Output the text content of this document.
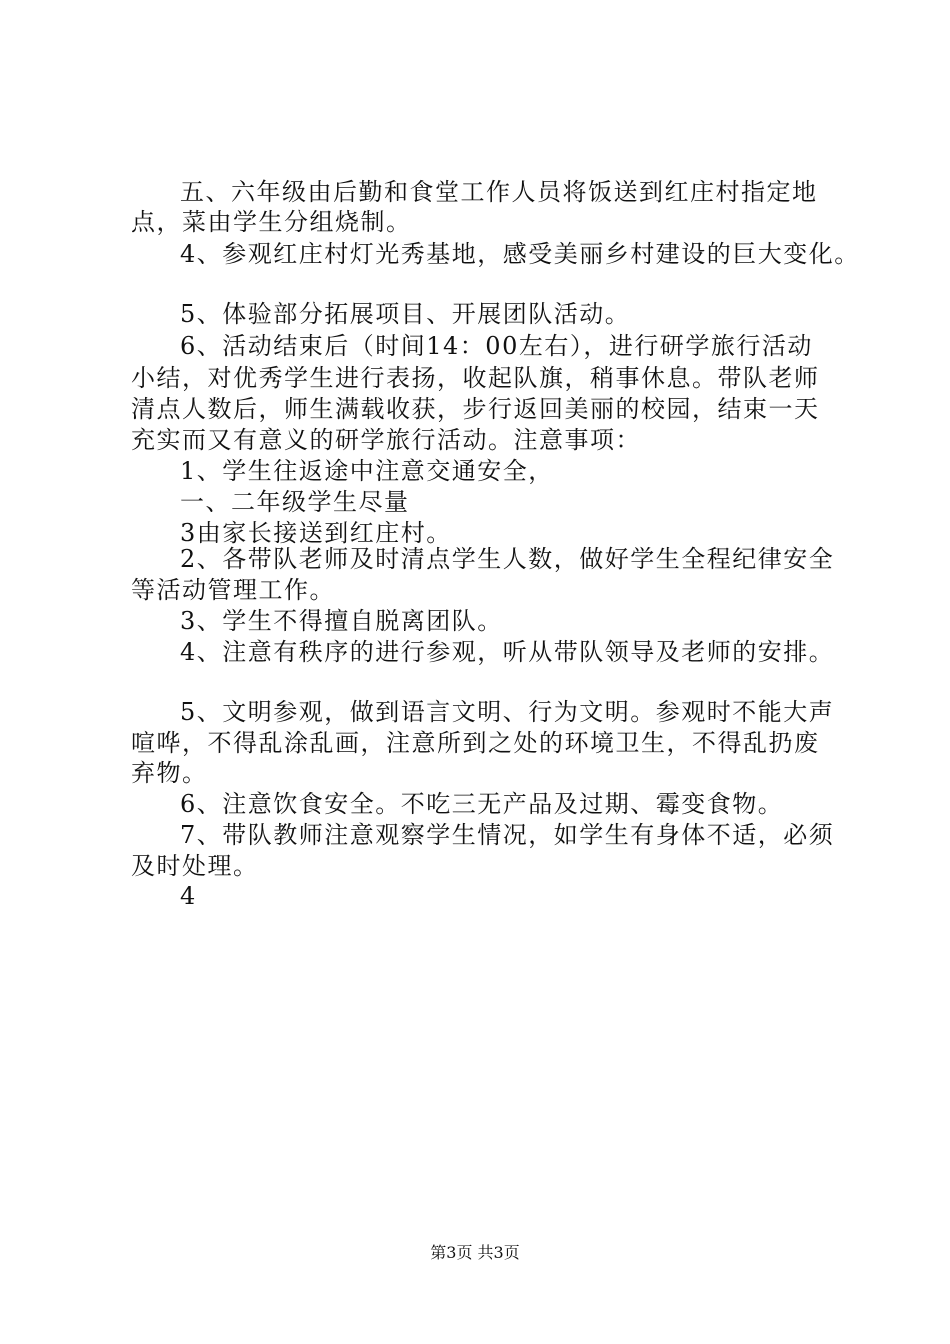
五、六年级由后勤和食堂工作人员将饭送到红庄村指定地
点，菜由学生分组烧制。
4、参观红庄村灯光秀基地，感受美丽乡村建设的巨大变化。
5、体验部分拓展项目、开展团队活动。
6、活动结束后（时间14：00左右），进行研学旅行活动
小结，对优秀学生进行表扬，收起队旗，稍事休息。带队老师
清点人数后，师生满载收获，步行返回美丽的校园，结束一天
充实而又有意义的研学旅行活动。注意事项：
1、学生往返途中注意交通安全，
一、二年级学生尽量
3由家长接送到红庄村。
2、各带队老师及时清点学生人数，做好学生全程纪律安全
等活动管理工作。
3、学生不得擅自脱离团队。
4、注意有秩序的进行参观，听从带队领导及老师的安排。
5、文明参观，做到语言文明、行为文明。参观时不能大声
喧哗，不得乱涂乱画，注意所到之处的环境卫生，不得乱扔废
弃物。
6、注意饮食安全。不吃三无产品及过期、霉变食物。
7、带队教师注意观察学生情况，如学生有身体不适，必须
及时处理。
4
第3页 共3页
